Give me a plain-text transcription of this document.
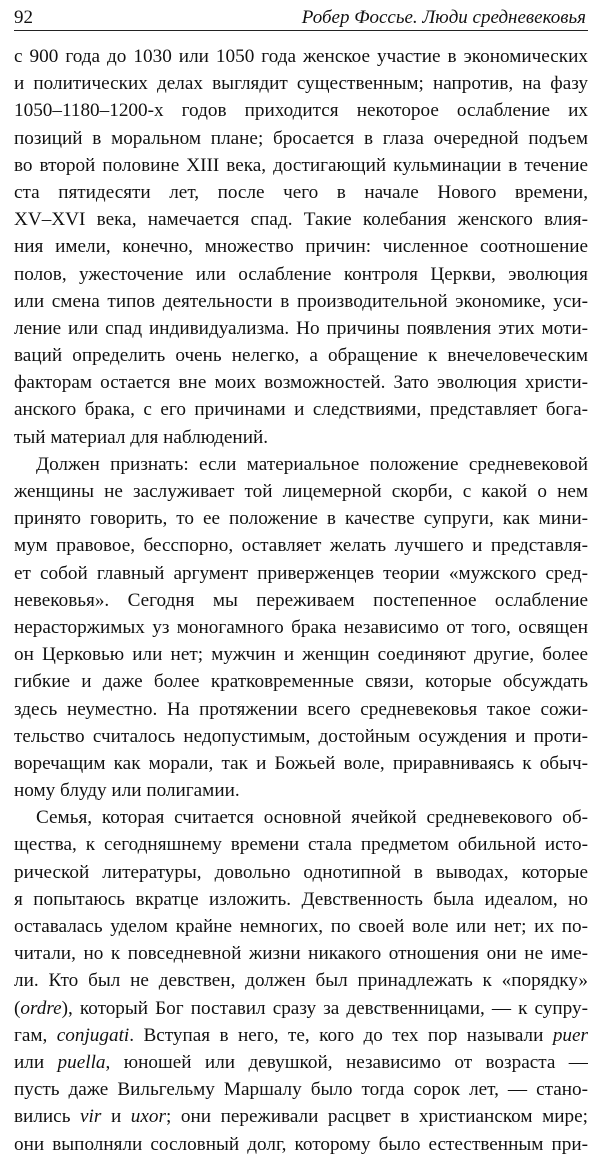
92	Робер Фоссье. Люди средневековья
с 900 года до 1030 или 1050 года женское участие в экономических
и политических делах выглядит существенным; напротив, на фазу
1050–1180–1200-х годов приходится некоторое ослабление их
позиций в моральном плане; бросается в глаза очередной подъем
во второй половине XIII века, достигающий кульминации в течение
ста пятидесяти лет, после чего в начале Нового времени,
XV–XVI века, намечается спад. Такие колебания женского влия-
ния имели, конечно, множество причин: численное соотношение
полов, ужесточение или ослабление контроля Церкви, эволюция
или смена типов деятельности в производительной экономике, уси-
ление или спад индивидуализма. Но причины появления этих моти-
ваций определить очень нелегко, а обращение к внечеловеческим
факторам остается вне моих возможностей. Зато эволюция христи-
анского брака, с его причинами и следствиями, представляет бога-
тый материал для наблюдений.
Должен признать: если материальное положение средневековой
женщины не заслуживает той лицемерной скорби, с какой о нем
принято говорить, то ее положение в качестве супруги, как мини-
мум правовое, бесспорно, оставляет желать лучшего и представля-
ет собой главный аргумент приверженцев теории «мужского сред-
невековья». Сегодня мы переживаем постепенное ослабление
нерасторжимых уз моногамного брака независимо от того, освящен
он Церковью или нет; мужчин и женщин соединяют другие, более
гибкие и даже более кратковременные связи, которые обсуждать
здесь неуместно. На протяжении всего средневековья такое сожи-
тельство считалось недопустимым, достойным осуждения и проти-
воречащим как морали, так и Божьей воле, приравниваясь к обыч-
ному блуду или полигамии.
Семья, которая считается основной ячейкой средневекового об-
щества, к сегодняшнему времени стала предметом обильной истo-
рической литературы, довольно однотипной в выводах, которые
я попытаюсь вкратце изложить. Девственность была идеалом, но
оставалась уделом крайне немногих, по своей воле или нет; их по-
читали, но к повседневной жизни никакого отношения они не име-
ли. Кто был не девствен, должен был принадлежать к «порядку»
(ordre), который Бог поставил сразу за девственницами, — к супру-
гам, conjugati. Вступая в него, те, кого до тех пор называли puer
или puella, юношей или девушкой, независимо от возраста —
пусть даже Вильгельму Маршалу было тогда сорок лет, — стано-
вились vir и uxor; они переживали расцвет в христианском мире;
они выполняли сословный долг, которому было естественным при-
